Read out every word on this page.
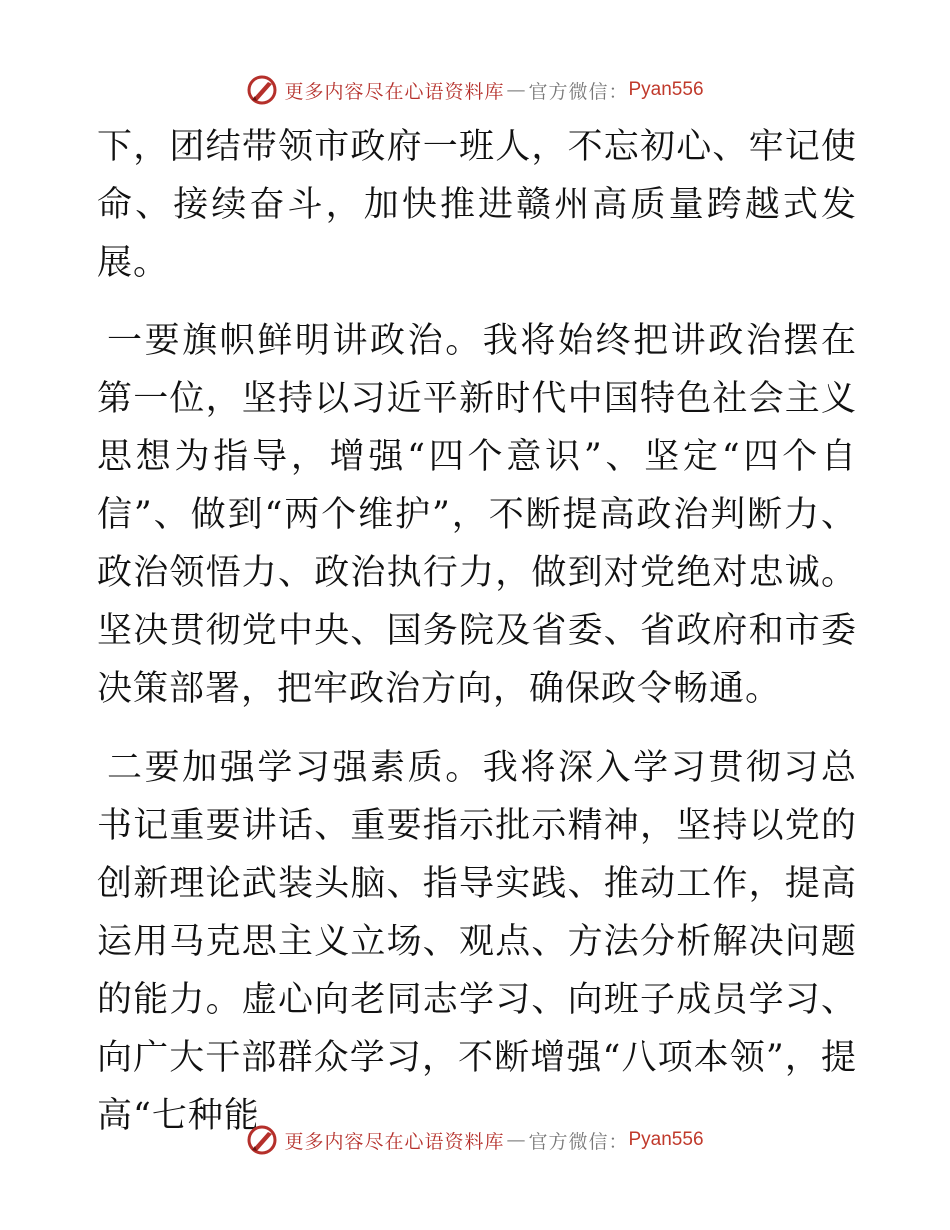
更多内容尽在心语资料库 — 官方微信： Pyan556

下，团结带领市政府一班人，不忘初心、牢记使命、接续奋斗，加快推进赣州高质量跨越式发展。

一要旗帜鲜明讲政治。我将始终把讲政治摆在第一位，坚持以习近平新时代中国特色社会主义思想为指导，增强“四个意识”、坚定“四个自信”、做到“两个维护”，不断提高政治判断力、政治领悟力、政治执行力，做到对党绝对忠诚。坚决贯彻党中央、国务院及省委、省政府和市委决策部署，把牢政治方向，确保政令畅通。

二要加强学习强素质。我将深入学习贯彻习总书记重要讲话、重要指示批示精神，坚持以党的创新理论武装头脑、指导实践、推动工作，提高运用马克思主义立场、观点、方法分析解决问题的能力。虚心向老同志学习、向班子成员学习、向广大干部群众学习，不断增强“八项本领”，提高“七种能

更多内容尽在心语资料库 — 官方微信： Pyan556
